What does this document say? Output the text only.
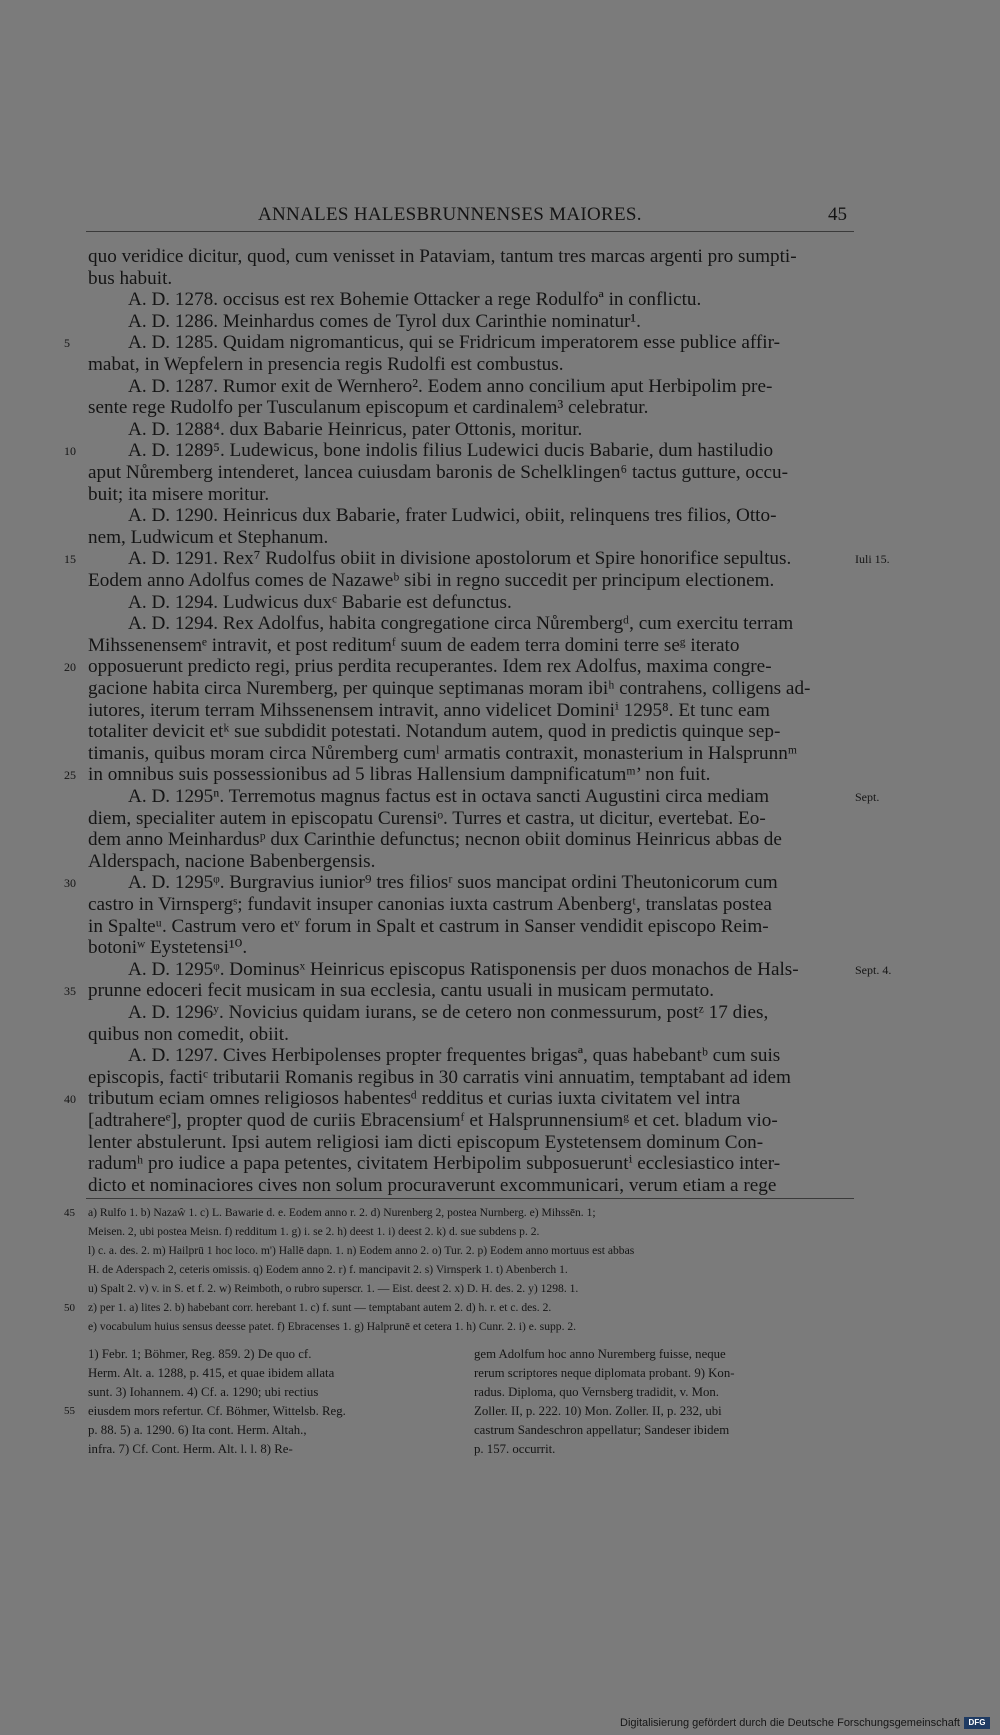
ANNALES HALESBRUNNENSES MAIORES.	45
quo veridice dicitur, quod, cum venisset in Pataviam, tantum tres marcas argenti pro sumpti-
bus habuit.
A. D. 1278. occisus est rex Bohemie Ottacker a rege Rodulfoª in conflictu.
A. D. 1286. Meinhardus comes de Tyrol dux Carinthie nominatur¹.
A. D. 1285. Quidam nigromanticus, qui se Fridricum imperatorem esse publice affir-
5
mabat, in Wepfelern in presencia regis Rudolfi est combustus.
A. D. 1287. Rumor exit de Wernhero². Eodem anno concilium aput Herbipolim pre-
sente rege Rudolfo per Tusculanum episcopum et cardinalem³ celebratur.
A. D. 1288⁴. dux Babarie Heinricus, pater Ottonis, moritur.
A. D. 1289⁵. Ludewicus, bone indolis filius Ludewici ducis Babarie, dum hastiludio
10
aput Nůremberg intenderet, lancea cuiusdam baronis de Schelklingen⁶ tactus gutture, occu-
buit; ita misere moritur.
A. D. 1290. Heinricus dux Babarie, frater Ludwici, obiit, relinquens tres filios, Otto-
nem, Ludwicum et Stephanum.
A. D. 1291. Rex⁷ Rudolfus obiit in divisione apostolorum et Spire honorifice sepultus.
15	Iuli 15.
Eodem anno Adolfus comes de Nazaweᵇ sibi in regno succedit per principum electionem.
A. D. 1294. Ludwicus duxᶜ Babarie est defunctus.
A. D. 1294. Rex Adolfus, habita congregatione circa Nůrembergᵈ, cum exercitu terram
Mihssenensemᵉ intravit, et post reditumᶠ suum de eadem terra domini terre seᵍ iterato
opposuerunt predicto regi, prius perdita recuperantes. Idem rex Adolfus, maxima congre-
20
gacione habita circa Nuremberg, per quinque septimanas moram ibiʰ contrahens, colligens ad-
iutores, iterum terram Mihssenensem intravit, anno videlicet Dominiⁱ 1295⁸. Et tunc eam
totaliter devicit etᵏ sue subdidit potestati. Notandum autem, quod in predictis quinque sep-
timanis, quibus moram circa Nůremberg cumˡ armatis contraxit, monasterium in Halsprunnᵐ
in omnibus suis possessionibus ad 5 libras Hallensium dampnificatumᵐ’ non fuit.
25
A. D. 1295ⁿ. Terremotus magnus factus est in octava sancti Augustini circa mediam	Sept.
diem, specialiter autem in episcopatu Curensiᵒ. Turres et castra, ut dicitur, evertebat. Eo-
dem anno Meinhardusᵖ dux Carinthie defunctus; necnon obiit dominus Heinricus abbas de
Alderspach, nacione Babenbergensis.
A. D. 1295ᵠ. Burgravius iunior⁹ tres filiosʳ suos mancipat ordini Theutonicorum cum
30
castro in Virnspergˢ; fundavit insuper canonias iuxta castrum Abenbergᵗ, translatas postea
in Spalteᵘ. Castrum vero etᵛ forum in Spalt et castrum in Sanser vendidit episcopo Reim-
botoniʷ Eystetensi¹⁰.
A. D. 1295ᵠ. Dominusˣ Heinricus episcopus Ratisponensis per duos monachos de Hals-	Sept. 4.
prunne edoceri fecit musicam in sua ecclesia, cantu usuali in musicam permutato.
35
A. D. 1296ʸ. Novicius quidam iurans, se de cetero non conmessurum, postᶻ 17 dies,
quibus non comedit, obiit.
A. D. 1297. Cives Herbipolenses propter frequentes brigasª, quas habebantᵇ cum suis
episcopis, factiᶜ tributarii Romanis regibus in 30 carratis vini annuatim, temptabant ad idem
tributum eciam omnes religiosos habentesᵈ redditus et curias iuxta civitatem vel intra
40
[adtrahereᵉ], propter quod de curiis Ebracensiumᶠ et Halsprunnensiumᵍ et cet. bladum vio-
lenter abstulerunt. Ipsi autem religiosi iam dicti episcopum Eystetensem dominum Con-
radumʰ pro iudice a papa petentes, civitatem Herbipolim subposueruntⁱ ecclesiastico inter-
dicto et nominaciores cives non solum procuraverunt excommunicari, verum etiam a rege
a) Rulfo 1. b) Nazaŵ 1. c) L. Bawarie d. e. Eodem anno r. 2. d) Nurenberg 2, postea Nurnberg. e) Mihssēn. 1;
45
Meisen. 2, ubi postea Meisn. f) redditum 1. g) i. se 2. h) deest 1. i) deest 2. k) d. sue subdens p. 2.
l) c. a. des. 2. m) Hailprū 1 hoc loco. m') Hallē dapn. 1. n) Eodem anno 2. o) Tur. 2. p) Eodem anno mortuus est abbas
H. de Aderspach 2, ceteris omissis. q) Eodem anno 2. r) f. mancipavit 2. s) Virnsperk 1. t) Abenberch 1.
u) Spalt 2. v) v. in S. et f. 2. w) Reimboth, o rubro superscr. 1. — Eist. deest 2. x) D. H. des. 2. y) 1298. 1.
z) per 1. a) lites 2. b) habebant corr. herebant 1. c) f. sunt — temptabant autem 2. d) h. r. et c. des. 2.
50
e) vocabulum huius sensus deesse patet. f) Ebracenses 1. g) Halprunē et cetera 1. h) Cunr. 2. i) e. supp. 2.
55
1) Febr. 1; Böhmer, Reg. 859. 2) De quo cf.
Herm. Alt. a. 1288, p. 415, et quae ibidem allata
sunt. 3) Iohannem. 4) Cf. a. 1290; ubi rectius
eiusdem mors refertur. Cf. Böhmer, Wittelsb. Reg.
p. 88. 5) a. 1290. 6) Ita cont. Herm. Altah.,
infra. 7) Cf. Cont. Herm. Alt. l. l. 8) Re-
gem Adolfum hoc anno Nuremberg fuisse, neque
rerum scriptores neque diplomata probant. 9) Kon-
radus. Diploma, quo Vernsberg tradidit, v. Mon.
Zoller. II, p. 222. 10) Mon. Zoller. II, p. 232, ubi
castrum Sandeschron appellatur; Sandeser ibidem
p. 157. occurrit.
Digitalisierung gefördert durch die Deutsche Forschungsgemeinschaft	DFG
